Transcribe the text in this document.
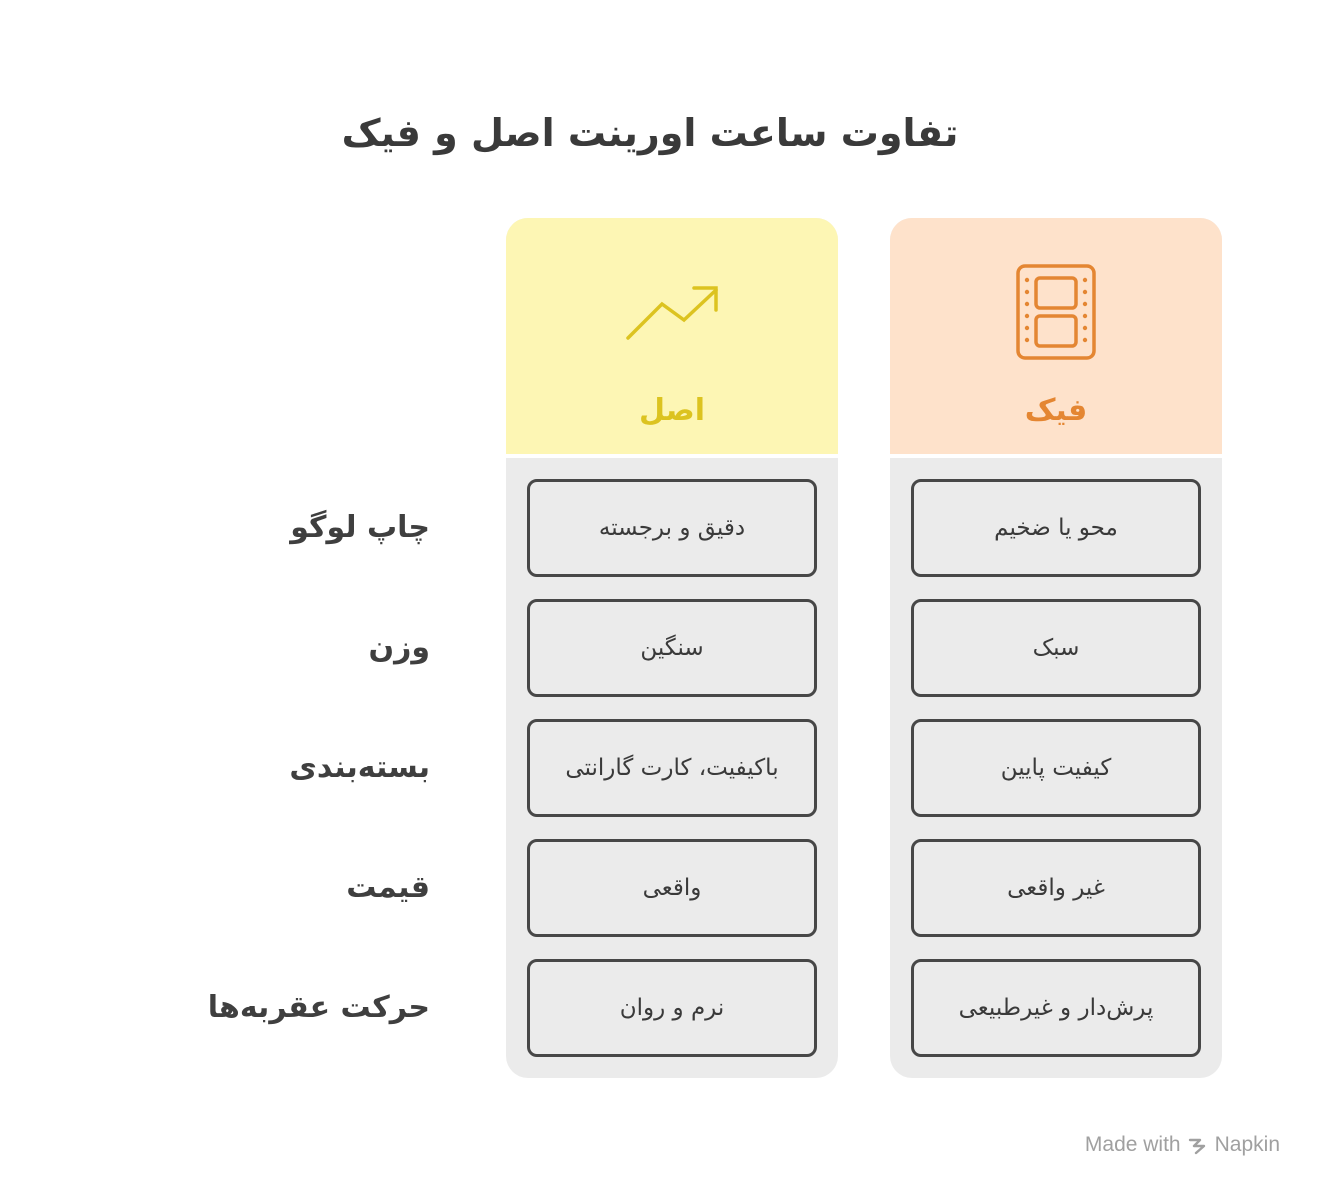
تفاوت ساعت اورینت اصل و فیک
چاپ لوگو
وزن
بسته‌بندی
قیمت
حرکت عقربه‌ها
اصل
دقیق و برجسته
سنگین
باکیفیت، کارت گارانتی
واقعی
نرم و روان
فیک
محو یا ضخیم
سبک
کیفیت پایین
غیر واقعی
پرش‌دار و غیرطبیعی
Made with Napkin
